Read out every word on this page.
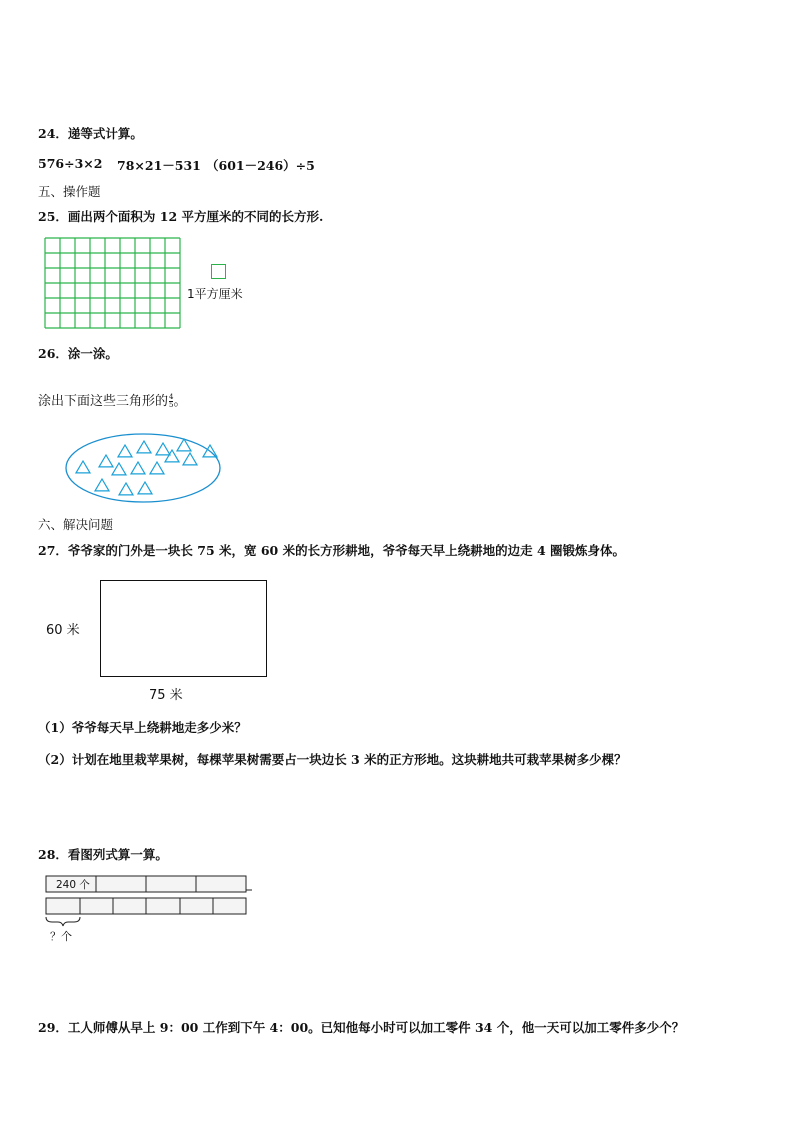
24．递等式计算。
576÷3×2 78×21－531 （601－246）÷5
五、操作题
25．画出两个面积为 12 平方厘米的不同的长方形.
1平方厘米
26．涂一涂。
涂出下面这些三角形的 $\frac{4}{5}$ 。
六、解决问题
27．爷爷家的门外是一块长 75 米，宽 60 米的长方形耕地，爷爷每天早上绕耕地的边走 4 圈锻炼身体。
60 米
75 米
（1）爷爷每天早上绕耕地走多少米？
（2）计划在地里栽苹果树，每棵苹果树需要占一块边长 3 米的正方形地。这块耕地共可栽苹果树多少棵？
28．看图列式算一算。
240 个
？个
29．工人师傅从早上 9：00 工作到下午 4：00。已知他每小时可以加工零件 34 个，他一天可以加工零件多少个？
